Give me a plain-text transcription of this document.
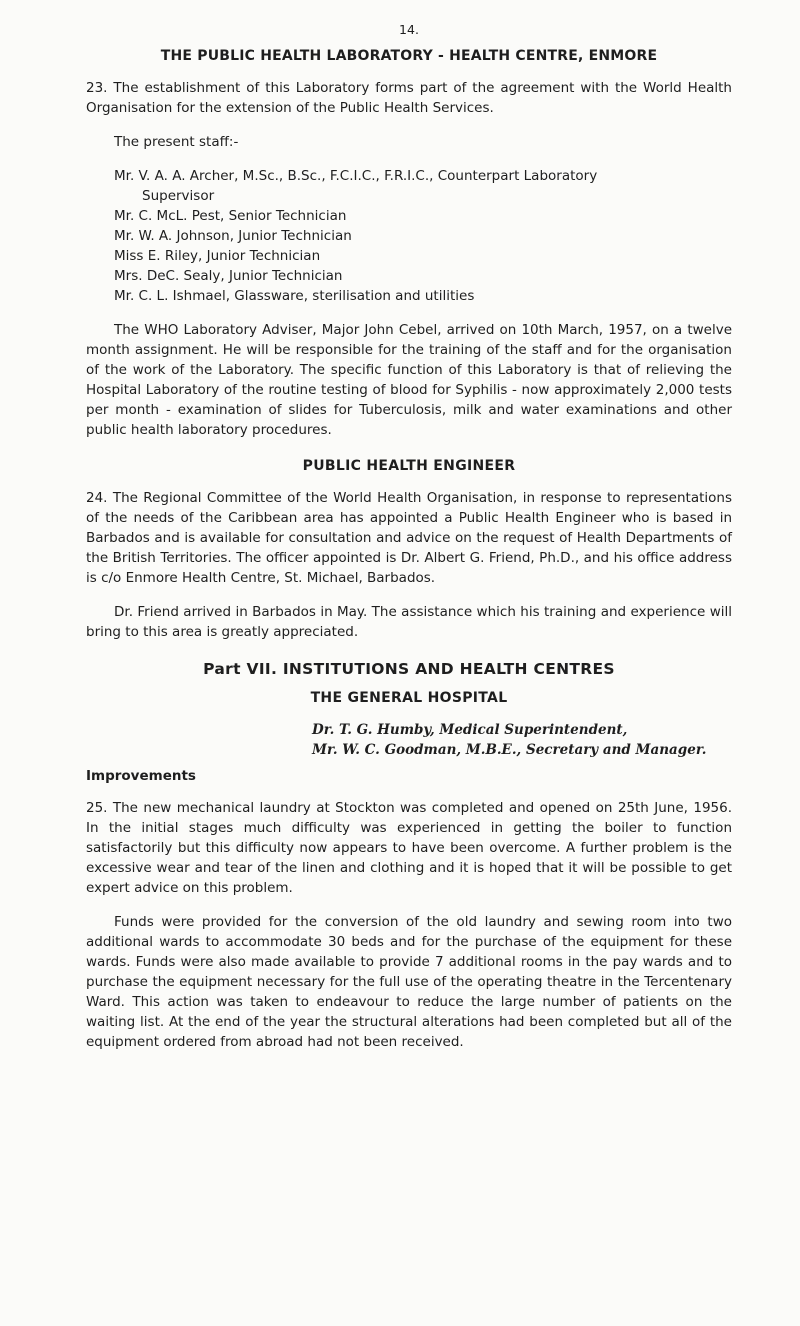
14.
THE PUBLIC HEALTH LABORATORY - HEALTH CENTRE, ENMORE

23. The establishment of this Laboratory forms part of the agreement with the World Health Organisation for the extension of the Public Health Services.

The present staff:-

Mr. V. A. A. Archer, M.Sc., B.Sc., F.C.I.C., F.R.I.C., Counterpart Laboratory
Supervisor
Mr. C. McL. Pest, Senior Technician
Mr. W. A. Johnson, Junior Technician
Miss E. Riley, Junior Technician
Mrs. DeC. Sealy, Junior Technician
Mr. C. L. Ishmael, Glassware, sterilisation and utilities

The WHO Laboratory Adviser, Major John Cebel, arrived on 10th March, 1957, on a twelve month assignment. He will be responsible for the training of the staff and for the organisation of the work of the Laboratory. The specific function of this Laboratory is that of relieving the Hospital Laboratory of the routine testing of blood for Syphilis - now approximately 2,000 tests per month - examination of slides for Tuberculosis, milk and water examinations and other public health laboratory procedures.

PUBLIC HEALTH ENGINEER

24. The Regional Committee of the World Health Organisation, in response to representations of the needs of the Caribbean area has appointed a Public Health Engineer who is based in Barbados and is available for consultation and advice on the request of Health Departments of the British Territories. The officer appointed is Dr. Albert G. Friend, Ph.D., and his office address is c/o Enmore Health Centre, St. Michael, Barbados.

Dr. Friend arrived in Barbados in May. The assistance which his training and experience will bring to this area is greatly appreciated.

Part VII. INSTITUTIONS AND HEALTH CENTRES
THE GENERAL HOSPITAL
Dr. T. G. Humby, Medical Superintendent,
Mr. W. C. Goodman, M.B.E., Secretary and Manager.
Improvements

25. The new mechanical laundry at Stockton was completed and opened on 25th June, 1956. In the initial stages much difficulty was experienced in getting the boiler to function satisfactorily but this difficulty now appears to have been overcome. A further problem is the excessive wear and tear of the linen and clothing and it is hoped that it will be possible to get expert advice on this problem.

Funds were provided for the conversion of the old laundry and sewing room into two additional wards to accommodate 30 beds and for the purchase of the equipment for these wards. Funds were also made available to provide 7 additional rooms in the pay wards and to purchase the equipment necessary for the full use of the operating theatre in the Tercentenary Ward. This action was taken to endeavour to reduce the large number of patients on the waiting list. At the end of the year the structural alterations had been completed but all of the equipment ordered from abroad had not been received.
